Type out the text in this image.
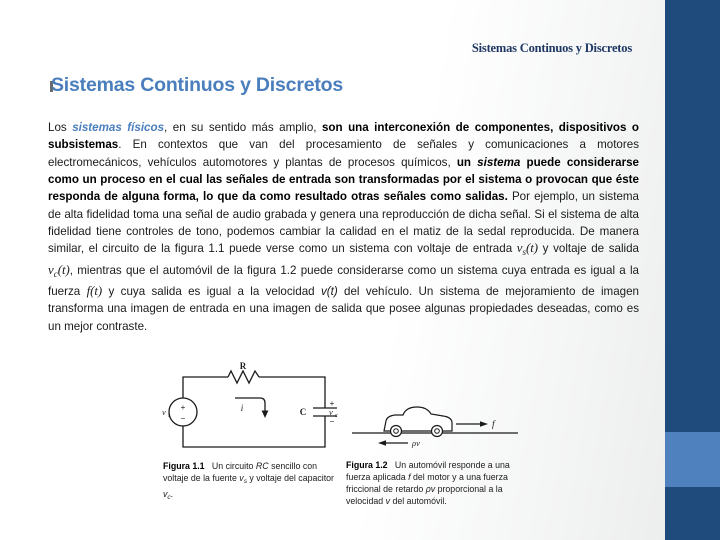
Sistemas Continuos y Discretos
Sistemas Continuos y Discretos
Los sistemas físicos, en su sentido más amplio, son una interconexión de componentes, dispositivos o subsistemas. En contextos que van del procesamiento de señales y comunicaciones a motores electromecánicos, vehículos automotores y plantas de procesos químicos, un sistema puede considerarse como un proceso en el cual las señales de entrada son transformadas por el sistema o provocan que éste responda de alguna forma, lo que da como resultado otras señales como salidas. Por ejemplo, un sistema de alta fidelidad toma una señal de audio grabada y genera una reproducción de dicha señal. Si el sistema de alta fidelidad tiene controles de tono, podemos cambiar la calidad en el matiz de la sedal reproducida. De manera similar, el circuito de la figura 1.1 puede verse como un sistema con voltaje de entrada $v_s(t)$ y voltaje de salida $v_c(t)$, mientras que el automóvil de la figura 1.2 puede considerarse como un sistema cuya entrada es igual a la fuerza f(t) y cuya salida es igual a la velocidad v(t) del vehículo. Un sistema de mejoramiento de imagen transforma una imagen de entrada en una imagen de salida que posee algunas propiedades deseadas, como es un mejor contraste.
R
C
i
+
−
v s
+
v c
−	f
ρv
Figura 1.1   Un circuito RC sencillo con voltaje de la fuente $v_s$ y voltaje del capacitor $v_c$.
Figura 1.2   Un automóvil responde a una fuerza aplicada f del motor y a una fuerza friccional de retardo ρv proporcional a la velocidad v del automóvil.
